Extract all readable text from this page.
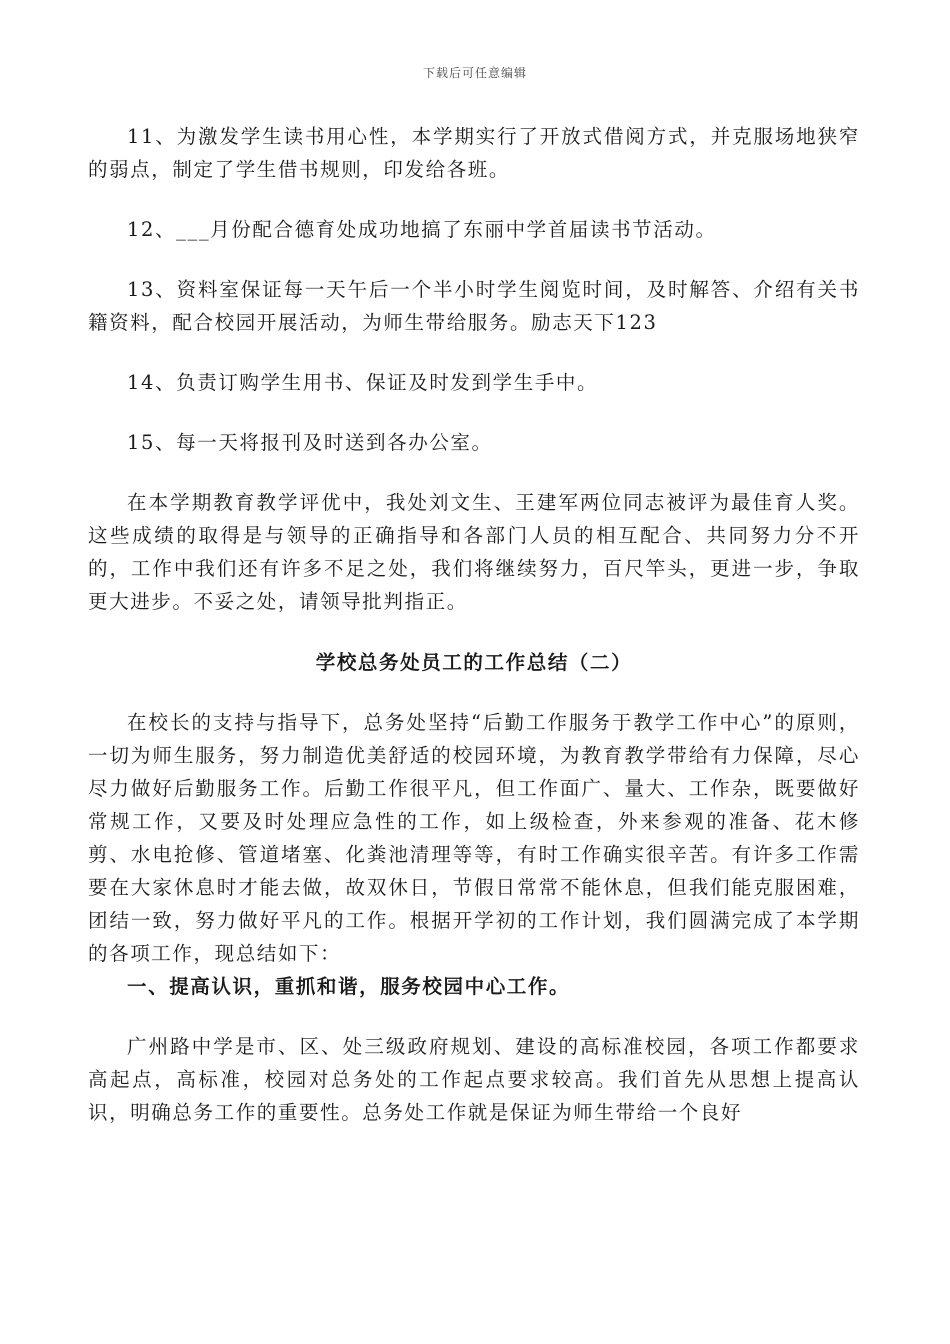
下载后可任意编辑

11、为激发学生读书用心性，本学期实行了开放式借阅方式，并克服场地狭窄的弱点，制定了学生借书规则，印发给各班。

12、___月份配合德育处成功地搞了东丽中学首届读书节活动。

13、资料室保证每一天午后一个半小时学生阅览时间，及时解答、介绍有关书籍资料，配合校园开展活动，为师生带给服务。励志天下123

14、负责订购学生用书、保证及时发到学生手中。

15、每一天将报刊及时送到各办公室。

在本学期教育教学评优中，我处刘文生、王建军两位同志被评为最佳育人奖。这些成绩的取得是与领导的正确指导和各部门人员的相互配合、共同努力分不开的，工作中我们还有许多不足之处，我们将继续努力，百尺竿头，更进一步，争取更大进步。不妥之处，请领导批判指正。

学校总务处员工的工作总结（二）

在校长的支持与指导下，总务处坚持“后勤工作服务于教学工作中心”的原则，一切为师生服务，努力制造优美舒适的校园环境，为教育教学带给有力保障，尽心尽力做好后勤服务工作。后勤工作很平凡，但工作面广、量大、工作杂，既要做好常规工作，又要及时处理应急性的工作，如上级检查，外来参观的准备、花木修剪、水电抢修、管道堵塞、化粪池清理等等，有时工作确实很辛苦。有许多工作需要在大家休息时才能去做，故双休日，节假日常常不能休息，但我们能克服困难，团结一致，努力做好平凡的工作。根据开学初的工作计划，我们圆满完成了本学期的各项工作，现总结如下：

一、提高认识，重抓和谐，服务校园中心工作。

广州路中学是市、区、处三级政府规划、建设的高标准校园，各项工作都要求高起点，高标准，校园对总务处的工作起点要求较高。我们首先从思想上提高认识，明确总务工作的重要性。总务处工作就是保证为师生带给一个良好
